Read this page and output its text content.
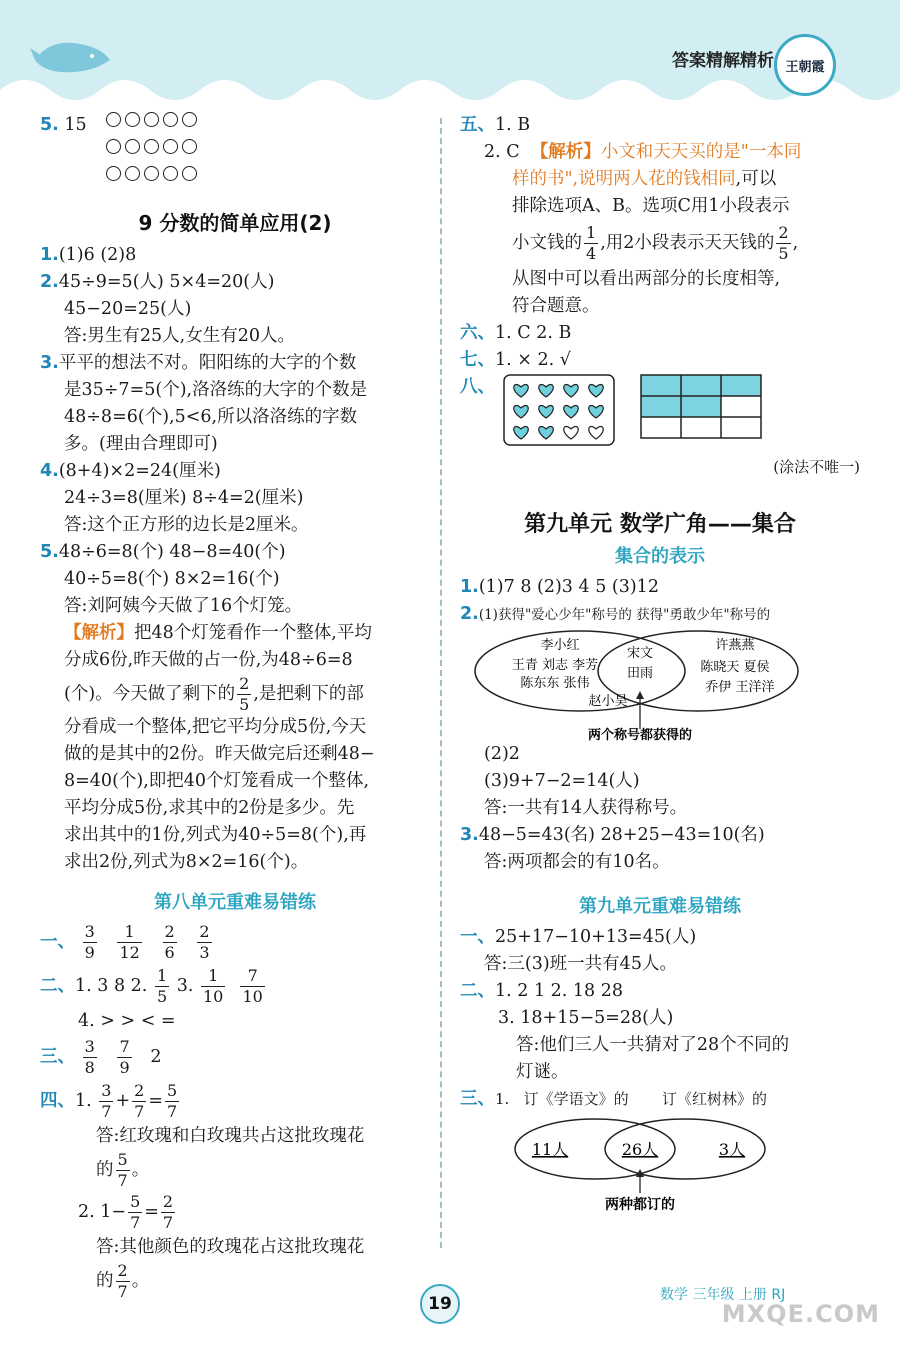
答案精解精析 王朝霞
5. 15

9 分数的简单应用(2)
1.(1)6 (2)8
2.45÷9=5(人) 5×4=20(人)
45−20=25(人)
答:男生有25人,女生有20人。
3.平平的想法不对。阳阳练的大字的个数
是35÷7=5(个),洛洛练的大字的个数是
48÷8=6(个),5<6,所以洛洛练的字数
多。(理由合理即可)
4.(8+4)×2=24(厘米)
24÷3=8(厘米) 8÷4=2(厘米)
答:这个正方形的边长是2厘米。
5.48÷6=8(个) 48−8=40(个)
40÷5=8(个) 8×2=16(个)
答:刘阿姨今天做了16个灯笼。
【解析】把48个灯笼看作一个整体,平均
分成6份,昨天做的占一份,为48÷6=8
(个)。今天做了剩下的 $\frac{2}{5}$ ,是把剩下的部
分看成一个整体,把它平均分成5份,今天
做的是其中的2份。昨天做完后还剩48−
8=40(个),即把40个灯笼看成一个整体,
平均分成5份,求其中的2份是多少。先
求出其中的1份,列式为40÷5=8(个),再
求出2份,列式为8×2=16(个)。
第八单元重难易错练
一、 $\frac{3}{9}$
$\frac{1}{12}$
$\frac{2}{6}$
$\frac{2}{3}$
二、1. 3 8 2. $\frac{1}{5} 3$. $\frac{1}{10}$
$\frac{7}{10}$
4. > > < =
三、 $\frac{3}{8}$
$\frac{7}{9} 2$
四、1. $\frac{3}{7} + \frac{2}{7} = \frac{5}{7}$
答:红玫瑰和白玫瑰共占这批玫瑰花
的 $\frac{5}{7}$ 。
2. $1- \frac{5}{7} = \frac{2}{7}$
答:其他颜色的玫瑰花占这批玫瑰花
的 $\frac{2}{7}$ 。
五、1. B
2. C 【解析】小文和天天买的是"一本同
样的书",说明两人花的钱相同,可以
排除选项A、B。选项C用1小段表示
小文钱的 $\frac{1}{4}$ ,用2小段表示天天钱的 $\frac{2}{5}$ ,
从图中可以看出两部分的长度相等,
符合题意。
六、1. C 2. B
七、1. × 2. √
八、
(涂法不唯一)
第九单元 数学广角——集合
集合的表示
1.(1)7 8 (2)3 4 5 (3)12
2.(1)获得"爱心少年"称号的 获得"勇敢少年"称号的
李小红
王青 刘志 李芳
陈东东 张伟
赵小昊
宋文
田雨
许燕燕
陈晓天 夏侯
乔伊 王洋洋
两个称号都获得的
(2)2
(3)9+7−2=14(人)
答:一共有14人获得称号。
3.48−5=43(名) 28+25−43=10(名)
答:两项都会的有10名。
第九单元重难易错练
一、25+17−10+13=45(人)
答:三(3)班一共有45人。
二、1. 2 1 2. 18 28
3. 18+15−5=28(人)
答:他们三人一共猜对了28个不同的
灯谜。
三、1. 订《学语文》的 订《红树林》的
11人	26人	3人
两种都订的
19	数学 三年级 上册 RJ
MXQE.COM
